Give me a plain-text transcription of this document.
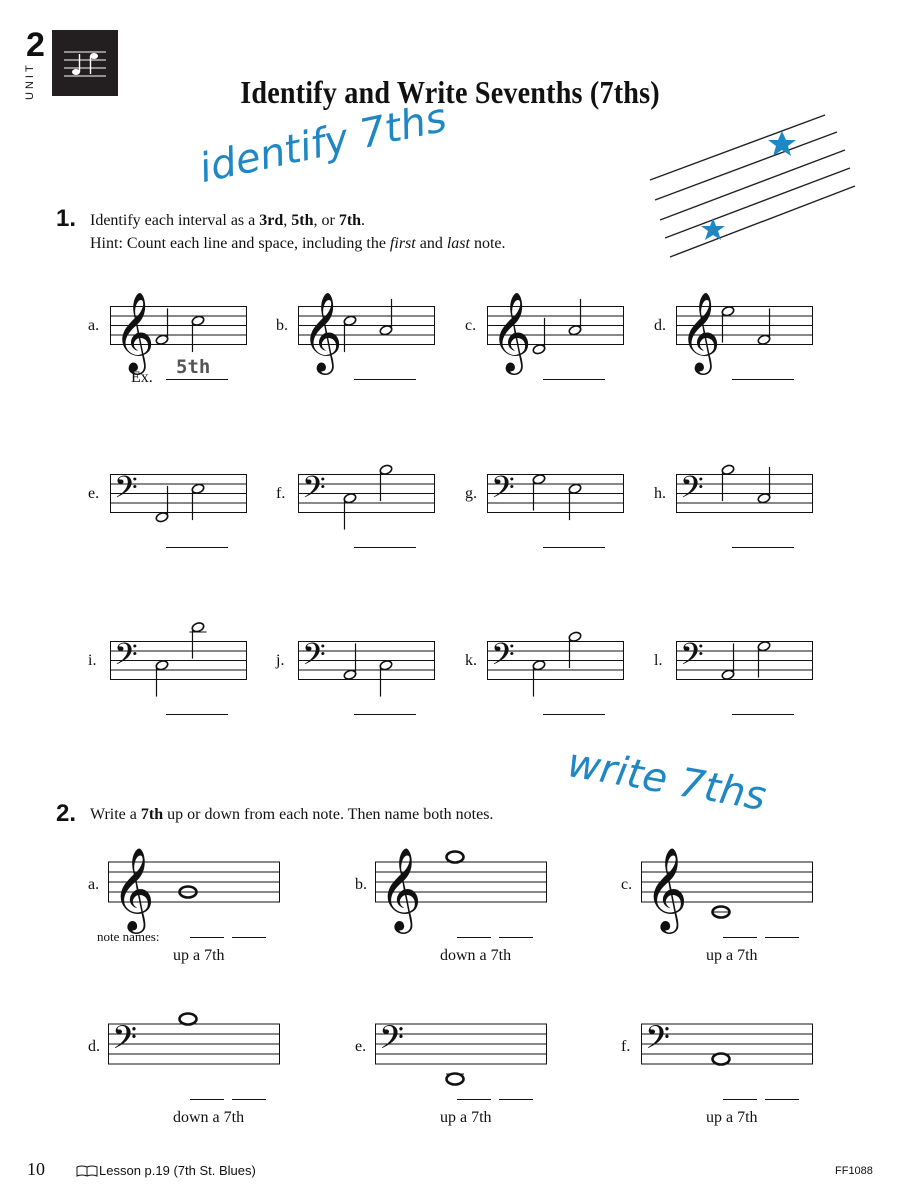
2
UNIT	Identify and Write Sevenths (7ths)
identify 7ths
1. Identify each interval as a 3rd, 5th, or 7th.
Hint: Count each line and space, including the first and last note.
Ex. 5th
write 7ths
2. Write a 7th up or down from each note. Then name both notes.
note names:
10	Lesson p.19 (7th St. Blues)	FF1088
a. 𝄞	b. 𝄞	c. 𝄞	d. 𝄞
e. 𝄢	f. 𝄢	g. 𝄢	h. 𝄢
i. 𝄢	j. 𝄢	k. 𝄢	l. 𝄢
a. 𝄞
up a 7th
b. 𝄞
down a 7th
c. 𝄞
up a 7th
d. 𝄢
down a 7th
e. 𝄢
up a 7th
f. 𝄢
up a 7th
